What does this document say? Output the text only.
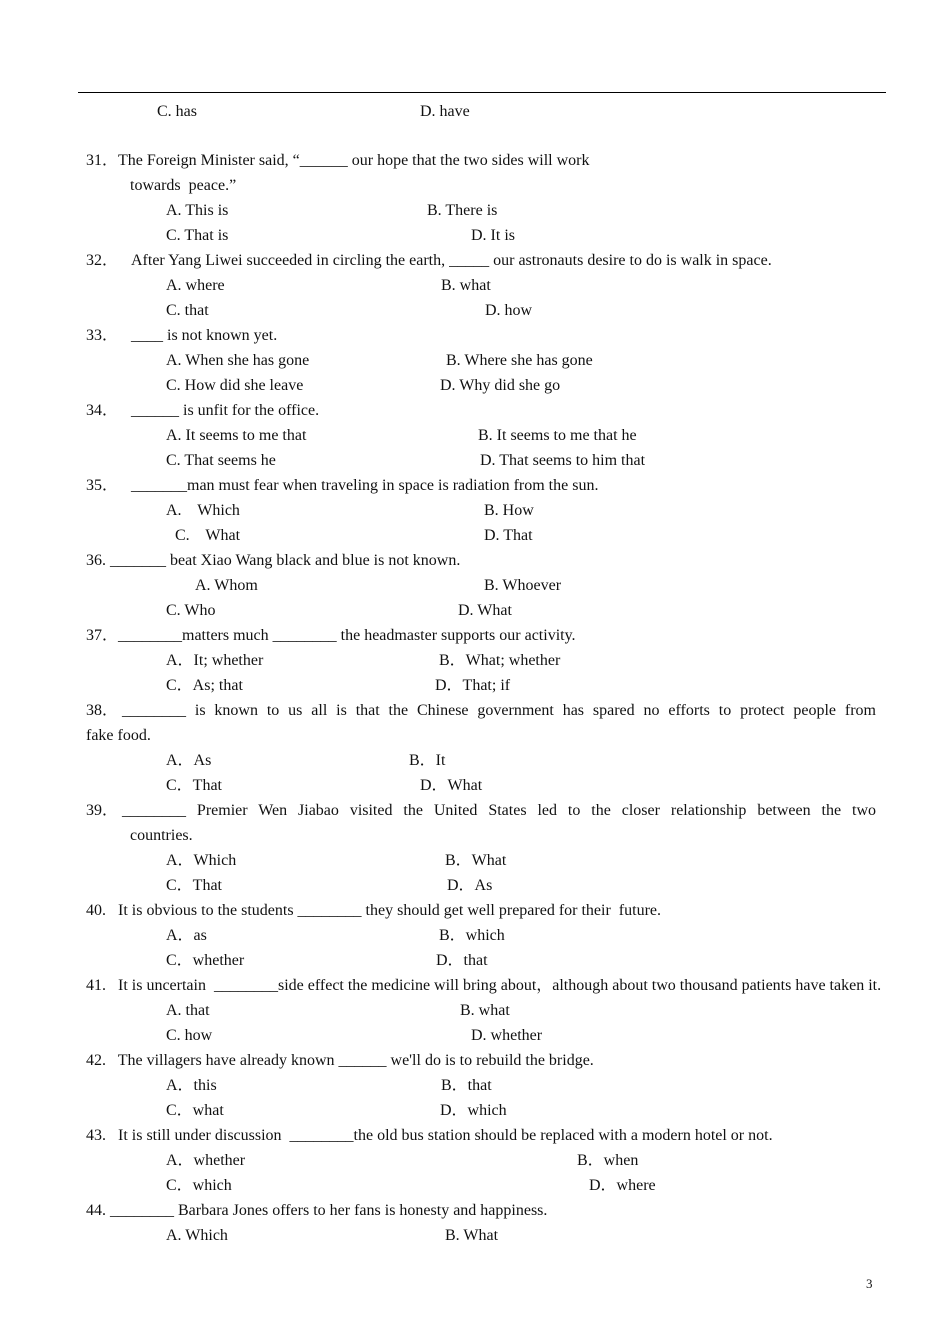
C. has	D. have
31．The Foreign Minister said, “______ our hope that the two sides will work
towards  peace.”
A. This is	B. There is
C. That is	D. It is
32． After Yang Liwei succeeded in circling the earth, _____ our astronauts desire to do is walk in space.
A. where	B. what
C. that	D. how
33． ____ is not known yet.
A. When she has gone	B. Where she has gone
C. How did she leave	D. Why did she go
34． ______ is unfit for the office.
A. It seems to me that	B. It seems to me that he
C. That seems he	D. That seems to him that
35． _______man must fear when traveling in space is radiation from the sun.
A.    Which	B. How
C.    What	D. That
36. _______ beat Xiao Wang black and blue is not known.
A. Whom	B. Whoever
C. Who	D. What
37．________matters much ________ the headmaster supports our activity.
A．It; whether	B．What; whether
C．As; that	D．That; if
38． ________ is known to us all is that the Chinese government has spared no efforts to protect people from
fake food.
A．As	B．It
C．That	D．What
39． ________ Premier Wen Jiabao visited the United States led to the closer relationship between the two
countries.
A．Which	B．What
C．That	D．As
40.   It is obvious to the students ________ they should get well prepared for their  future.
A．as	B．which
C．whether	D．that
41.   It is uncertain  ________side effect the medicine will bring about，although about two thousand patients have taken it.
A. that	B. what
C. how	D. whether
42.   The villagers have already known ______ we'll do is to rebuild the bridge.
A．this	B．that
C．what	D．which
43.   It is still under discussion  ________the old bus station should be replaced with a modern hotel or not.
A．whether	B．when
C．which	D．where
44. ________ Barbara Jones offers to her fans is honesty and happiness.
A. Which	B. What
3
